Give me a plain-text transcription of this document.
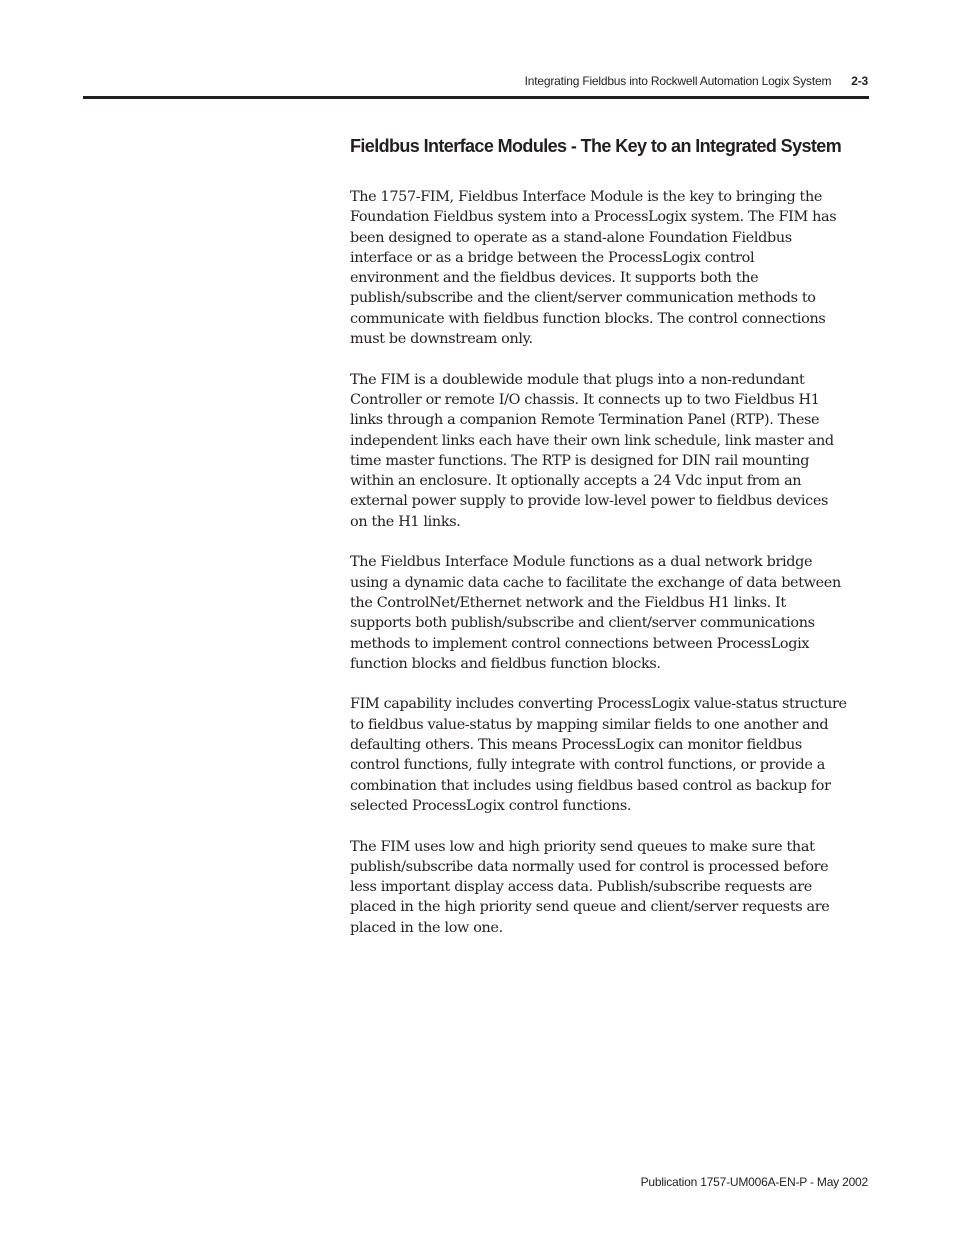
Integrating Fieldbus into Rockwell Automation Logix System 2-3
Fieldbus Interface Modules - The Key to an Integrated System

The 1757-FIM, Fieldbus Interface Module is the key to bringing the
Foundation Fieldbus system into a ProcessLogix system. The FIM has
been designed to operate as a stand-alone Foundation Fieldbus
interface or as a bridge between the ProcessLogix control
environment and the fieldbus devices. It supports both the
publish/subscribe and the client/server communication methods to
communicate with fieldbus function blocks. The control connections
must be downstream only.

The FIM is a doublewide module that plugs into a non-redundant
Controller or remote I/O chassis. It connects up to two Fieldbus H1
links through a companion Remote Termination Panel (RTP). These
independent links each have their own link schedule, link master and
time master functions. The RTP is designed for DIN rail mounting
within an enclosure. It optionally accepts a 24 Vdc input from an
external power supply to provide low-level power to fieldbus devices
on the H1 links.

The Fieldbus Interface Module functions as a dual network bridge
using a dynamic data cache to facilitate the exchange of data between
the ControlNet/Ethernet network and the Fieldbus H1 links. It
supports both publish/subscribe and client/server communications
methods to implement control connections between ProcessLogix
function blocks and fieldbus function blocks.

FIM capability includes converting ProcessLogix value-status structure
to fieldbus value-status by mapping similar fields to one another and
defaulting others. This means ProcessLogix can monitor fieldbus
control functions, fully integrate with control functions, or provide a
combination that includes using fieldbus based control as backup for
selected ProcessLogix control functions.

The FIM uses low and high priority send queues to make sure that
publish/subscribe data normally used for control is processed before
less important display access data. Publish/subscribe requests are
placed in the high priority send queue and client/server requests are
placed in the low one.

Publication 1757-UM006A-EN-P - May 2002
